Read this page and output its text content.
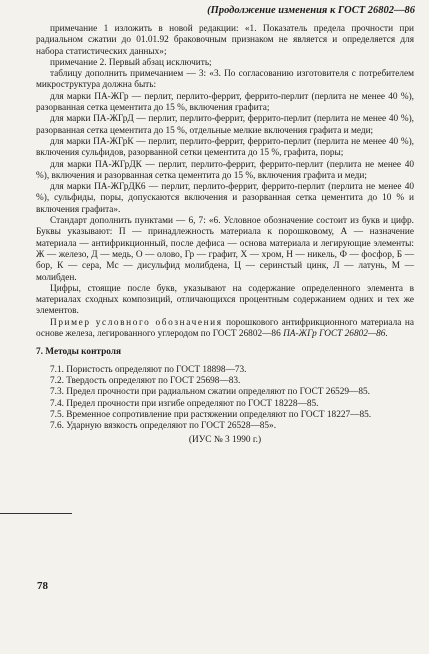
(Продолжение изменения к ГОСТ 26802—86

примечание 1 изложить в новой редакции: «1. Показатель предела прочности при радиальном сжатии до 01.01.92 браковочным признаком не является и определяется для набора статистических данных»;

примечание 2. Первый абзац исключить;

таблицу дополнить примечанием — 3: «3. По согласованию изготовителя с потребителем микроструктура должна быть:

для марки ПА-ЖГр — перлит, перлито-феррит, феррито-перлит (перлита не менее 40 %), разорванная сетка цементита до 15 %, включения графита;

для марки ПА-ЖГрД — перлит, перлито-феррит, феррито-перлит (перлита не менее 40 %), разорванная сетка цементита до 15 %, отдельные мелкие включения графита и меди;

для марки ПА-ЖГрК — перлит, перлито-феррит, феррито-перлит (перлита не менее 40 %), включения сульфидов, разорванной сетки цементита до 15 %, графита, поры;

для марки ПА-ЖГрДК — перлит, перлито-феррит, феррито-перлит (перлита не менее 40 %), включения и разорванная сетка цементита до 15 %, включения графита и меди;

для марки ПА-ЖГрДК6 — перлит, перлито-феррит, феррито-перлит (перлита не менее 40 %), сульфиды, поры, допускаются включения и разорванная сетка цементита до 10 % и включения графита».

Стандарт дополнить пунктами — 6, 7: «6. Условное обозначение состоит из букв и цифр. Буквы указывают: П — принадлежность материала к порошковому, А — назначение материала — антифрикционный, после дефиса — основа материала и легирующие элементы: Ж — железо, Д — медь, О — олово, Гр — графит, Х — хром, Н — никель, Ф — фосфор, Б — бор, К — сера, Мс — дисульфид молибдена, Ц — серинстый цинк, Л — латунь, М — молибден.

Цифры, стоящие после букв, указывают на содержание определенного элемента в материалах сходных композиций, отличающихся процентным содержанием одних и тех же элементов.

Пример условного обозначения порошкового антифрикционного материала на основе железа, легированного углеродом по ГОСТ 26802—86 ПА-ЖГр ГОСТ 26802—86.

7. Методы контроля

7.1. Пористость определяют по ГОСТ 18898—73.

7.2. Твердость определяют по ГОСТ 25698—83.

7.3. Предел прочности при радиальном сжатии определяют по ГОСТ 26529—85.

7.4. Предел прочности при изгибе определяют по ГОСТ 18228—85.

7.5. Временное сопротивление при растяжении определяют по ГОСТ 18227—85.

7.6. Ударную вязкость определяют по ГОСТ 26528—85».

(ИУС № 3 1990 г.)

78
